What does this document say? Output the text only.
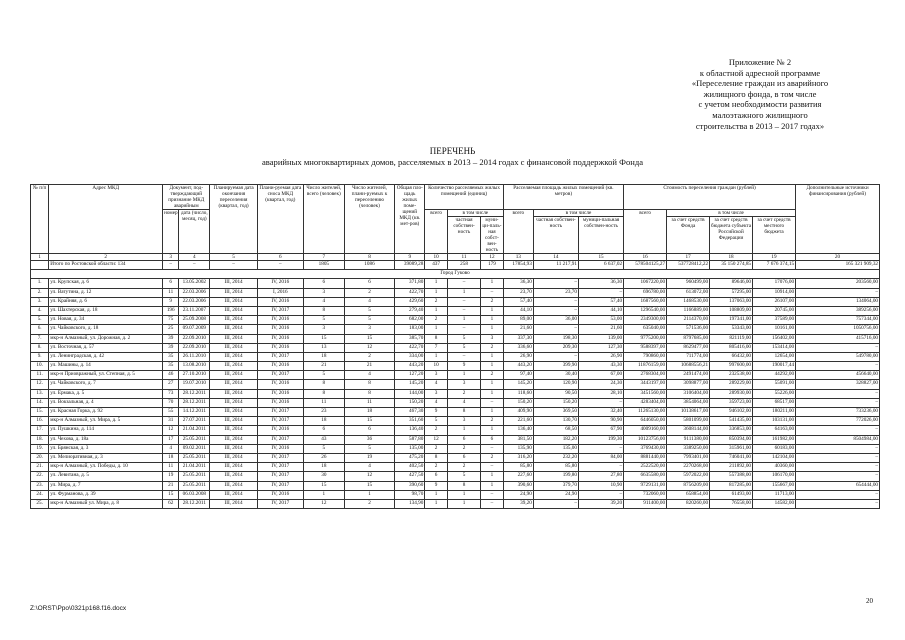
Приложение № 2
к областной адресной программе
«Переселение граждан из аварийного
жилищного фонда, в том числе
с учетом необходимости развития
малоэтажного жилищного
строительства в 2013 – 2017 годах»
ПЕРЕЧЕНЬ
аварийных многоквартирных домов, расселяемых в 2013 – 2014 годах с финансовой поддержкой Фонда
№ п/п	Адрес МКД	Документ, под-тверждающий признание МКД аварийным		Планируемая дата окончания переселения (квартал, год)	Плани-руемая дата сноса МКД (квартал, год)	Число жителей, всего (человек)	Число жителей, плани-руемых к переселению (человек)	Общая пло-щадь жилых поме-щений МКД (кв. мет-ров)	Количество расселяемых жилых помещений (единиц)			Расселяемая площадь жилых помещений (кв. метров)			Стоимость переселения граждан (рублей)				Дополнительные источники финансирования (рублей)
		номер	дата (число, месяц, год)						всего	в том числе		всего	в том числе		всего	в том числе			
										частная собствен-ность	муни-ци-паль-ная собст-вен-ность		частная собствен-ность	муници-пальная собствен-ность		за счет средств Фонда	за счет средств бюджета субъекта Российской Федерации	за счет средств местного бюджета	
1	2	3	4	5	6	7	8	9	10	11	12	13	14	15	16	17	18	19	20
	Итого по Ростовской области: 134	–	–	–	–	1805	1086	39089,28	437	258	179	17854,93	11 217,91	6 637,02	578504125,27	537728412,22	35 150 274,85	7 676 374,15	165 321 909,32
Город Гуково																			
1.	ул. Крупская, д. 6	6	13.05.2002	III, 2014	IV, 2016	6	6	371,80	1	–	1	36,30	–	36,30	1067220,00	960499,00	89646,00	17076,00	203560,00
2.	ул. Ватутина, д. 12	11	22.03.2006	III, 2014	I, 2016	3	2	422,70	1	1	–	23,70	23,70	–	696780,00	613072,00	57295,00	10914,00	–
3.	ул. Крайняя, д. 6	9	22.03.2006	III, 2014	IV, 2016	4	4	429,60	2	–	2	57,40	–	57,40	1687560,00	1468530,00	137063,00	26107,00	134064,00
4.	ул. Шахтерская, д. 18	196	23.11.2007	III, 2014	IV, 2017	8	5	279,40	1	–	1	44,10	–	44,10	1296540,00	1166889,00	108809,00	20745,00	389256,00
5.	ул. Новая, д. 34	75	25.09.2008	III, 2014	IV, 2016	5	5	682,00	2	1	1	89,00	36,00	53,00	2349300,00	2114370,00	197341,00	37589,00	757344,00
6.	ул. Чайковского, д. 18	25	09.07.2009	III, 2014	IV, 2016	3	3	183,00	1	–	1	21,60	–	21,60	635040,00	571536,00	53343,00	10161,00	1050756,00
7.	мкр-н Алмазный, ул. Дорожная, д. 2	39	22.09.2010	III, 2014	IV, 2016	15	15	385,70	8	5	3	337,30	198,30	139,00	9775200,00	8797685,00	821119,00	156402,00	415716,00
8.	ул. Восточная, д. 57	39	22.09.2010	III, 2014	IV, 2016	13	12	422,70	7	5	2	336,60	209,30	127,30	9588397,00	8629477,00	805416,00	153414,00	–
9.	ул. Ленинградская, д. 42	35	26.11.2010	III, 2014	IV, 2017	18	2	334,00	1	–	1	26,90	–	26,90	790860,00	711774,00	66432,00	12654,00	549780,00
10.	ул. Машины, д. 14	35	13.08.2010	III, 2014	IV, 2016	21	21	443,20	10	9	1	443,20	399,90	43,30	11876159,00	10688556,21	997600,00	190017,44	–
11.	мкр-н Приовражный, ул. Степная, д. 5	46	27.10.2010	III, 2014	IV, 2017	5	4	127,20	3	1	2	97,40	30,40	67,00	2768304,00	2491474,00	232538,00	44292,00	456640,00
12.	ул. Чайковского, д. 7	27	19.07.2010	III, 2014	IV, 2016	8	8	145,20	4	3	1	145,20	120,90	24,30	3443197,00	3098877,00	289229,00	55091,00	328827,00
13.	ул. Ермака, д. 5	73	28.12.2011	III, 2014	IV, 2016	8	8	144,00	3	2	1	118,60	90,50	28,10	3451560,00	3106404,00	289930,00	55226,00	–
14.	ул. Вокзальная, д. 4	70	28.12.2011	III, 2014	IV, 2016	11	11	150,20	4	4	–	150,20	150,20	–	4283404,00	3854064,00	359723,00	68517,00	–
15.	ул. Красная Горка, д. 92	55	14.12.2011	III, 2014	IV, 2017	23	18	467,30	9	8	1	409,90	369,50	32,40	11265130,00	10138617,00	946102,00	180211,00	733236,00
16.	мкр-н Алмазный, ул. Мира, д. 5	31	27.07.2011	III, 2014	IV, 2017	18	15	351,60	5	3	2	221,60	130,70	90,90	6446050,00	5801099,00	541435,00	103131,00	772026,00
17.	ул. Пушкина, д. 114	12	21.04.2011	III, 2014	IV, 2016	6	6	136,40	2	1	1	136,40	68,50	67,90	4009160,00	3608144,00	336853,00	64163,00	–
18.	ул. Чехова, д. 18а	17	25.05.2011	III, 2014	IV, 2017	43	36	587,80	12	6	6	381,50	182,20	199,30	10123756,00	9111380,00	850394,00	161982,00	8504984,00
19.	ул. Брянская, д. 3	4	09.02.2011	III, 2014	IV, 2016	5	5	135,00	2	2	–	135,90	135,00	–	3769430,00	3389250,00	315961,00	60183,00	–
20.	ул. Мелиоративная, д. 3	18	25.05.2011	III, 2014	IV, 2017	26	19	475,20	8	6	2	316,20	232,20	84,00	8881440,00	7993401,00	746041,00	142104,00	–
21.	мкр-н Алмазный, ул. Победы, д. 10	11	21.04.2011	III, 2014	IV, 2017	18	4	402,50	2	2	–	85,80	85,80	–	2522520,00	2270268,00	211892,00	40360,00	–
22.	ул. Левитана, д. 5	19	25.05.2011	III, 2014	IV, 2017	30	12	427,50	6	5	1	227,60	199,80	27,80	6635580,00	5972022,00	557388,00	106170,00	–
23.	ул. Мира, д. 7	21	25.05.2011	III, 2014	IV, 2017	15	15	390,60	9	8	1	390,60	379,70	10,90	9729131,00	8756209,00	817285,00	155667,00	654444,00
24.	ул. Фурманова, д. 39	15	06.03.2008	III, 2014	IV, 2016	1	1	98,70	1	1	–	24,90	24,90	–	732060,00	658854,00	61493,00	11713,00	–
25.	мкр-н Алмазный ул. Мира, д. 8	62	28.12.2011	III, 2014	IV, 2017	12	2	134,90	1	1	–	39,20	–	39,20	911400,00	820260,00	76558,00	14582,00	–
20
Z:\ORST\Ppo\0321p168.f16.docx
